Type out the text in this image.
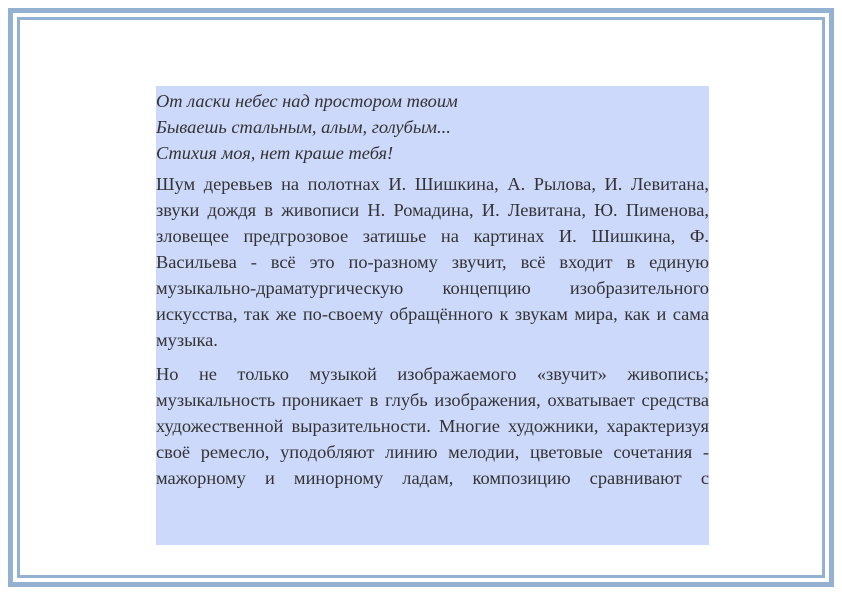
От ласки небес над простором твоим
Бываешь стальным, алым, голубым...
Стихия моя, нет краше тебя!

Шум деревьев на полотнах И. Шишкина, А. Рылова, И. Левитана, звуки дождя в живописи Н. Ромадина, И. Левитана, Ю. Пименова, зловещее предгрозовое затишье на картинах И. Шишкина, Ф. Васильева - всё это по-разному звучит, всё входит в единую музыкально-драматургическую концепцию изобразительного искусства, так же по-своему обращённого к звукам мира, как и сама музыка.

Но не только музыкой изображаемого «звучит» живопись; музыкальность проникает в глубь изображения, охватывает средства художественной выразительности. Многие художники, характеризуя своё ремесло, уподобляют линию мелодии, цветовые сочетания - мажорному и минорному ладам, композицию сравнивают с
